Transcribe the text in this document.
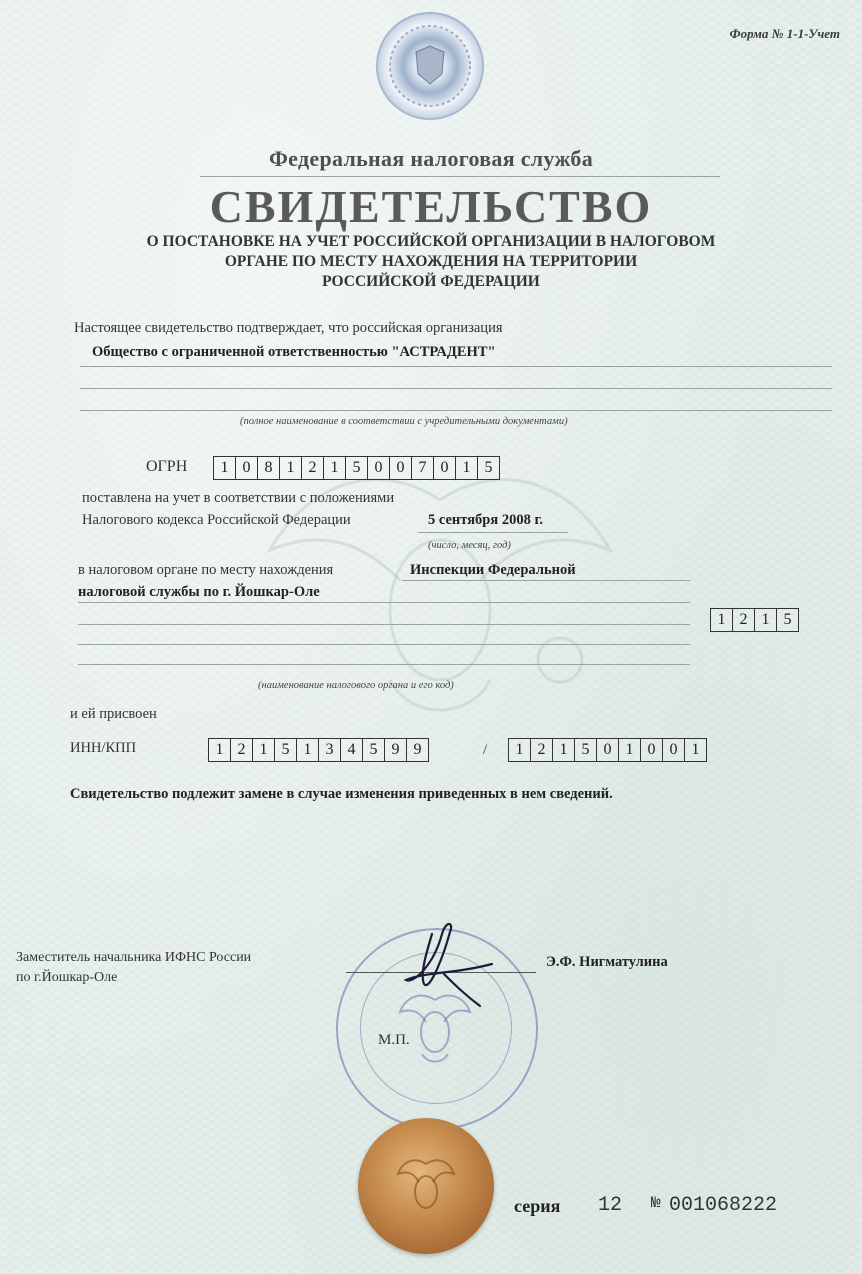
Форма № 1-1-Учет
Федеральная налоговая служба
СВИДЕТЕЛЬСТВО
О ПОСТАНОВКЕ НА УЧЕТ РОССИЙСКОЙ ОРГАНИЗАЦИИ В НАЛОГОВОМ
ОРГАНЕ ПО МЕСТУ НАХОЖДЕНИЯ НА ТЕРРИТОРИИ
РОССИЙСКОЙ ФЕДЕРАЦИИ
Настоящее свидетельство подтверждает, что российская организация
Общество с ограниченной ответственностью "АСТРАДЕНТ"
(полное наименование в соответствии с учредительными документами)
ОГРН	1 0 8 1 2 1 5 0 0 7 0 1 5
поставлена на учет в соответствии с положениями
Налогового кодекса Российской Федерации	5 сентября 2008 г.
(число, месяц, год)
в налоговом органе по месту нахождения	Инспекции Федеральной
налоговой службы по г. Йошкар-Оле
1 2 1 5
(наименование налогового органа и его код)
и ей присвоен
ИНН/КПП	1 2 1 5 1 3 4 5 9 9	/	1 2 1 5 0 1 0 0 1
Свидетельство подлежит замене в случае изменения приведенных в нем сведений.
Заместитель начальника ИФНС России
по г.Йошкар-Оле
Э.Ф. Нигматулина
М.П.
серия 12 № 001068222
